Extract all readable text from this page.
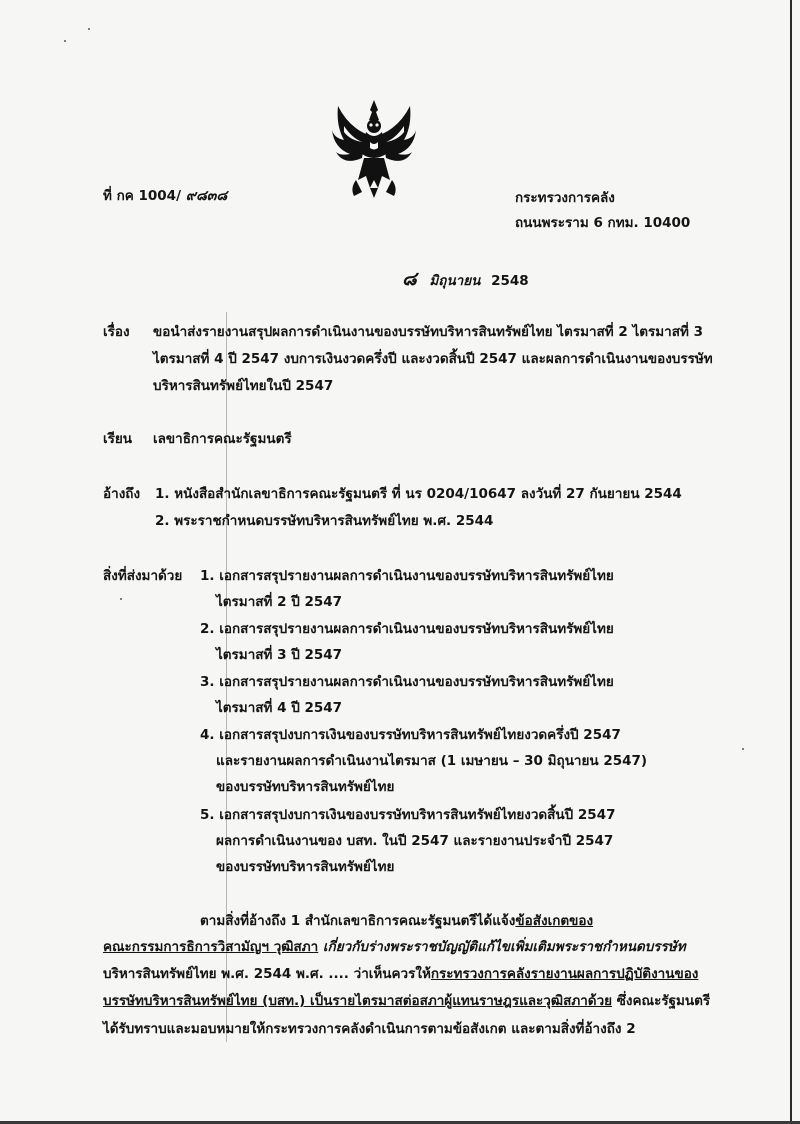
ที่ กค 1004/ ๙๘๓๘	กระทรวงการคลัง
ถนนพระราม 6 กทม. 10400
๘ มิถุนายน 2548
เรื่อง ขอนำส่งรายงานสรุปผลการดำเนินงานของบรรษัทบริหารสินทรัพย์ไทย ไตรมาสที่ 2 ไตรมาสที่ 3
ไตรมาสที่ 4 ปี 2547 งบการเงินงวดครึ่งปี และงวดสิ้นปี 2547 และผลการดำเนินงานของบรรษัท
บริหารสินทรัพย์ไทยในปี 2547
เรียน เลขาธิการคณะรัฐมนตรี
อ้างถึง 1. หนังสือสำนักเลขาธิการคณะรัฐมนตรี ที่ นร 0204/10647 ลงวันที่ 27 กันยายน 2544
2. พระราชกำหนดบรรษัทบริหารสินทรัพย์ไทย พ.ศ. 2544
สิ่งที่ส่งมาด้วย 1. เอกสารสรุปรายงานผลการดำเนินงานของบรรษัทบริหารสินทรัพย์ไทย
ไตรมาสที่ 2 ปี 2547
2. เอกสารสรุปรายงานผลการดำเนินงานของบรรษัทบริหารสินทรัพย์ไทย
ไตรมาสที่ 3 ปี 2547
3. เอกสารสรุปรายงานผลการดำเนินงานของบรรษัทบริหารสินทรัพย์ไทย
ไตรมาสที่ 4 ปี 2547
4. เอกสารสรุปงบการเงินของบรรษัทบริหารสินทรัพย์ไทยงวดครึ่งปี 2547
และรายงานผลการดำเนินงานไตรมาส (1 เมษายน – 30 มิถุนายน 2547)
ของบรรษัทบริหารสินทรัพย์ไทย
5. เอกสารสรุปงบการเงินของบรรษัทบริหารสินทรัพย์ไทยงวดสิ้นปี 2547
ผลการดำเนินงานของ บสท. ในปี 2547 และรายงานประจำปี 2547
ของบรรษัทบริหารสินทรัพย์ไทย
ตามสิ่งที่อ้างถึง 1 สำนักเลขาธิการคณะรัฐมนตรีได้แจ้งข้อสังเกตของ
คณะกรรมการธิการวิสามัญฯ วุฒิสภา เกี่ยวกับร่างพระราชบัญญัติแก้ไขเพิ่มเติมพระราชกำหนดบรรษัท
บริหารสินทรัพย์ไทย พ.ศ. 2544 พ.ศ. .... ว่าเห็นควรให้กระทรวงการคลังรายงานผลการปฏิบัติงานของ
บรรษัทบริหารสินทรัพย์ไทย (บสท.) เป็นรายไตรมาสต่อสภาผู้แทนราษฎรและวุฒิสภาด้วย ซึ่งคณะรัฐมนตรี
ได้รับทราบและมอบหมายให้กระทรวงการคลังดำเนินการตามข้อสังเกต และตามสิ่งที่อ้างถึง 2
